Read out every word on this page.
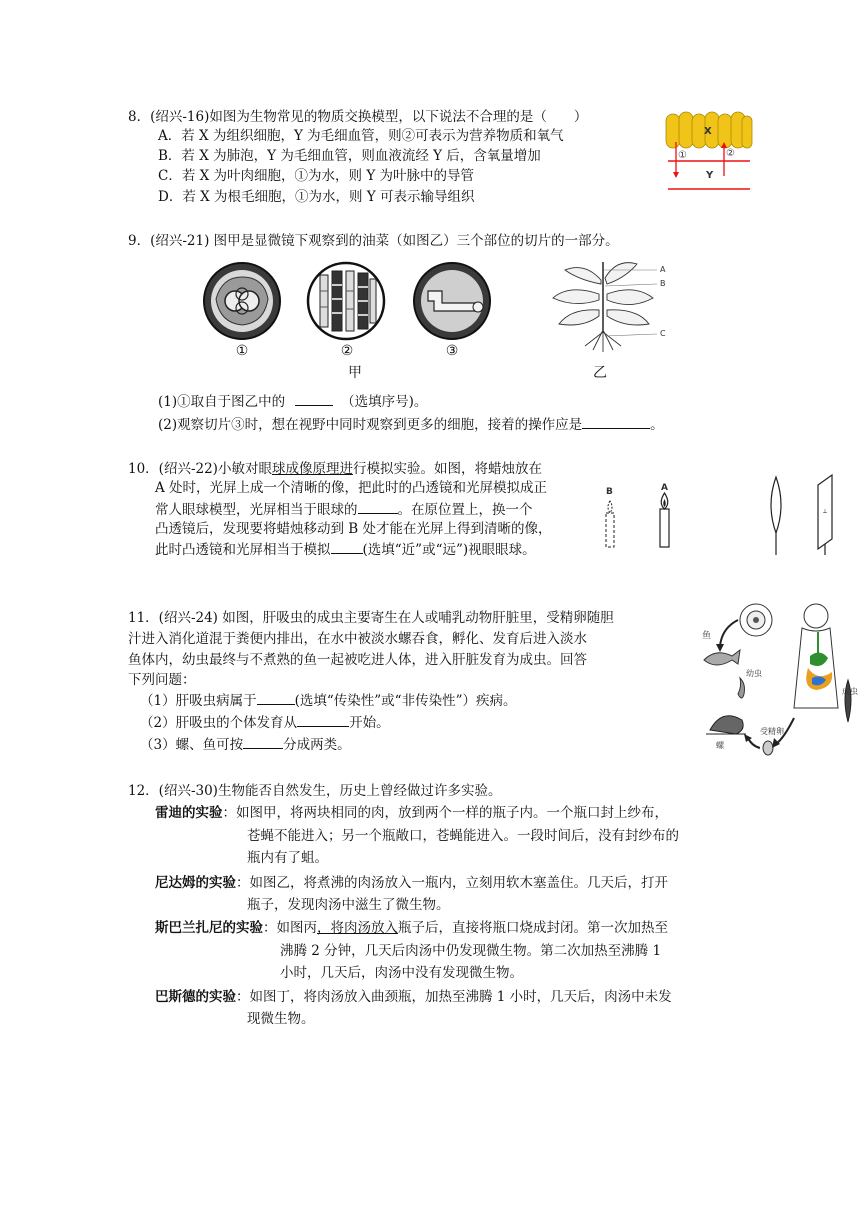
8．(绍兴-16)如图为生物常见的物质交换模型，以下说法不合理的是（　　）
A．若 X 为组织细胞，Y 为毛细血管，则②可表示为营养物质和氧气
B．若 X 为肺泡，Y 为毛细血管，则血液流经 Y 后，含氧量增加
C．若 X 为叶肉细胞，①为水，则 Y 为叶脉中的导管
D．若 X 为根毛细胞，①为水，则 Y 可表示输导组织
X
①	②
Y
9．(绍兴-21) 图甲是显微镜下观察到的油菜（如图乙）三个部位的切片的一部分。
①	②	③
甲
A
B
C
乙
(1)①取自于图乙中的	（选填序号)。
(2)观察切片③时，想在视野中同时观察到更多的细胞，接着的操作应是	。
10．(绍兴-22)小敏对眼球成像原理进行模拟实验。如图，将蜡烛放在
A 处时，光屏上成一个清晰的像，把此时的凸透镜和光屏模拟成正
常人眼球模型，光屏相当于眼球的	。在原位置上，换一个
凸透镜后，发现要将蜡烛移动到 B 处才能在光屏上得到清晰的像，
此时凸透镜和光屏相当于模拟 (选填“近”或“远”)视眼眼球。
⟂
B	A
11．(绍兴-24) 如图，肝吸虫的成虫主要寄生在人或哺乳动物肝脏里，受精卵随胆
汁进入消化道混于粪便内排出，在水中被淡水螺吞食，孵化、发育后进入淡水
鱼体内，幼虫最终与不煮熟的鱼一起被吃进人体，进入肝脏发育为成虫。回答
下列问题：
（1）肝吸虫病属于	(选填“传染性”或“非传染性”）疾病。
（2）肝吸虫的个体发育从	开始。
（3）螺、鱼可按	分成两类。
鱼
幼虫
成虫
受精卵
螺
12．(绍兴-30)生物能否自然发生，历史上曾经做过许多实验。
雷迪的实验：如图甲，将两块相同的肉，放到两个一样的瓶子内。一个瓶口封上纱布，
苍蝇不能进入；另一个瓶敞口，苍蝇能进入。一段时间后，没有封纱布的
瓶内有了蛆。
尼达姆的实验：如图乙，将煮沸的肉汤放入一瓶内，立刻用软木塞盖住。几天后，打开
瓶子，发现肉汤中滋生了微生物。
斯巴兰扎尼的实验：如图丙，将肉汤放入瓶子后，直接将瓶口烧成封闭。第一次加热至
沸腾 2 分钟，几天后肉汤中仍发现微生物。第二次加热至沸腾 1
小时，几天后，肉汤中没有发现微生物。
巴斯德的实验：如图丁，将肉汤放入曲颈瓶，加热至沸腾 1 小时，几天后，肉汤中未发
现微生物。
